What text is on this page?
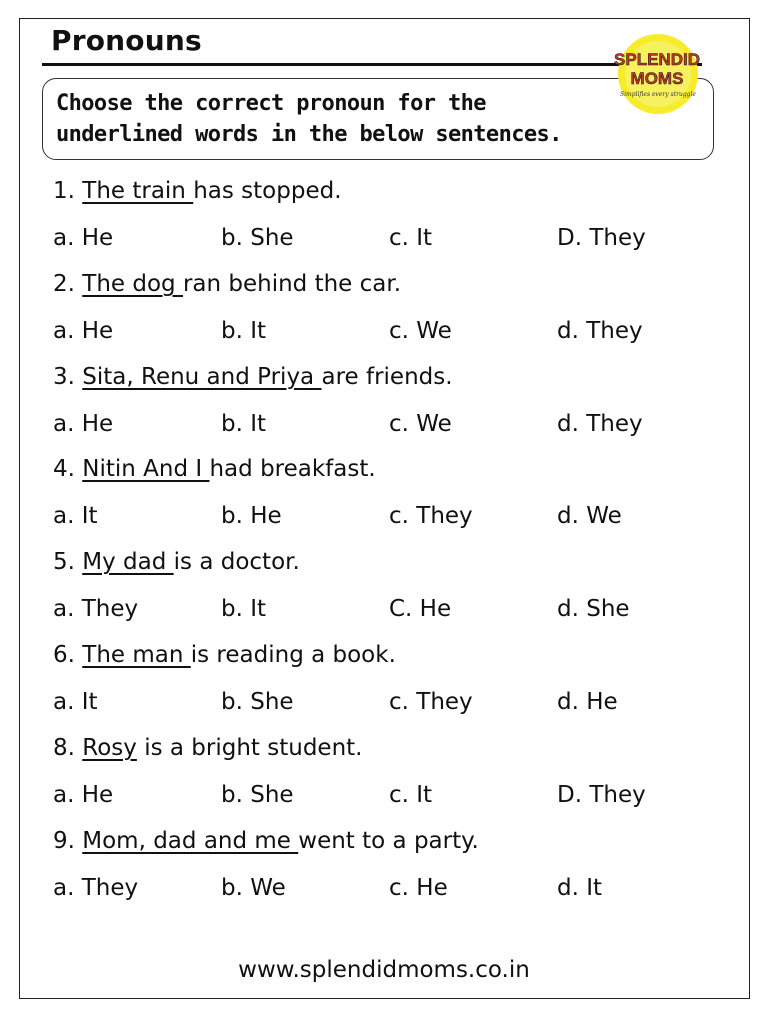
Pronouns
Choose the correct pronoun for the
underlined words in the below sentences.
SPLENDID
MOMS
Simplifies every struggle
1. The train has stopped.
a. He	b. She	c. It	D. They
2. The dog ran behind the car.
a. He	b. It	c. We	d. They
3. Sita, Renu and Priya are friends.
a. He	b. It	c. We	d. They
4. Nitin And I had breakfast.
a. It	b. He	c. They	d. We
5. My dad is a doctor.
a. They	b. It	C. He	d. She
6. The man is reading a book.
a. It	b. She	c. They	d. He
8. Rosy is a bright student.
a. He	b. She	c. It	D. They
9. Mom, dad and me went to a party.
a. They	b. We	c. He	d. It
www.splendidmoms.co.in
